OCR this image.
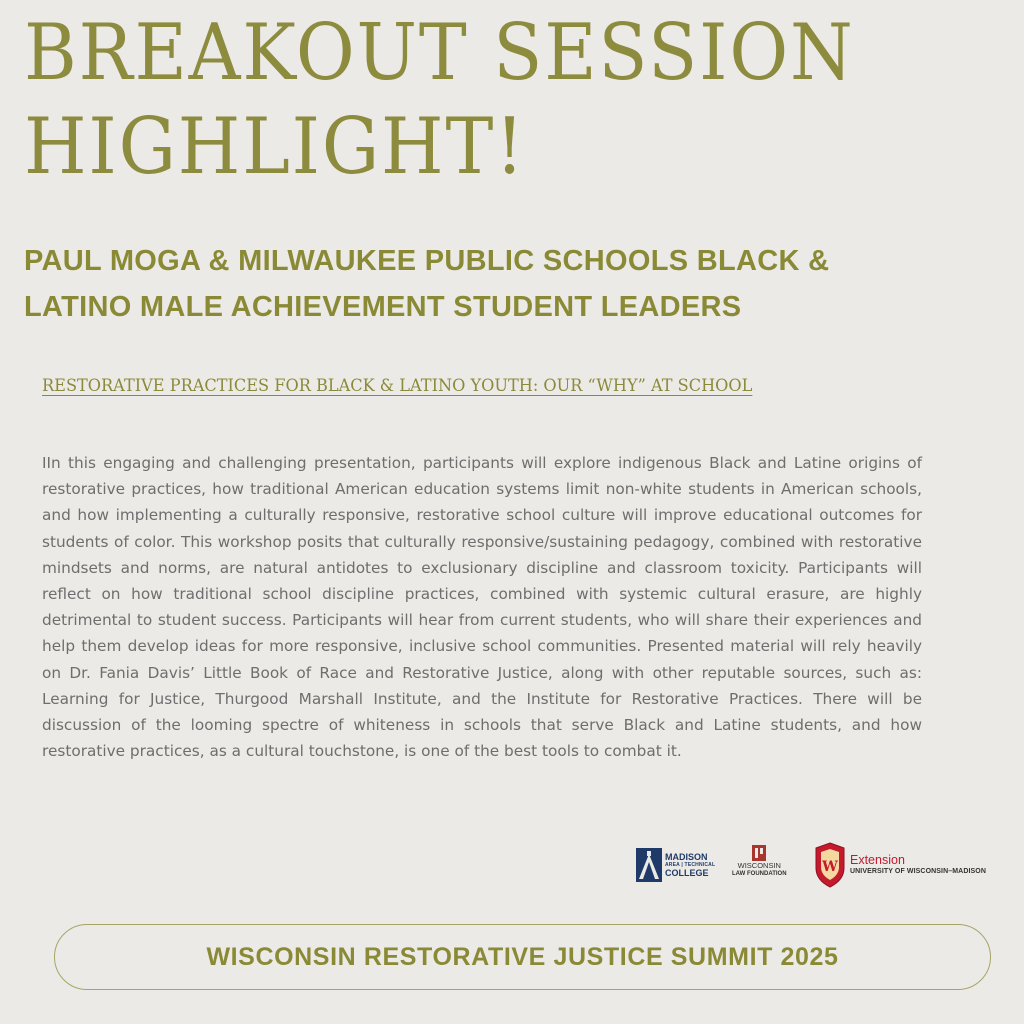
BREAKOUT SESSION
HIGHLIGHT!
PAUL MOGA & MILWAUKEE PUBLIC SCHOOLS BLACK &
LATINO MALE ACHIEVEMENT STUDENT LEADERS
RESTORATIVE PRACTICES FOR BLACK & LATINO YOUTH: OUR “WHY” AT SCHOOL

IIn this engaging and challenging presentation, participants will explore indigenous Black and Latine origins of restorative practices, how traditional American education systems limit non-white students in American schools, and how implementing a culturally responsive, restorative school culture will improve educational outcomes for students of color. This workshop posits that culturally responsive/sustaining pedagogy, combined with restorative mindsets and norms, are natural antidotes to exclusionary discipline and classroom toxicity. Participants will reflect on how traditional school discipline practices, combined with systemic cultural erasure, are highly detrimental to student success. Participants will hear from current students, who will share their experiences and help them develop ideas for more responsive, inclusive school communities. Presented material will rely heavily on Dr. Fania Davis’ Little Book of Race and Restorative Justice, along with other reputable sources, such as: Learning for Justice, Thurgood Marshall Institute, and the Institute for Restorative Practices. There will be discussion of the looming spectre of whiteness in schools that serve Black and Latine students, and how restorative practices, as a cultural touchstone, is one of the best tools to combat it.

MADISON
AREA | TECHNICAL
COLLEGE
WISCONSIN
LAW FOUNDATION	W Extension
UNIVERSITY OF WISCONSIN–MADISON
WISCONSIN RESTORATIVE JUSTICE SUMMIT 2025
